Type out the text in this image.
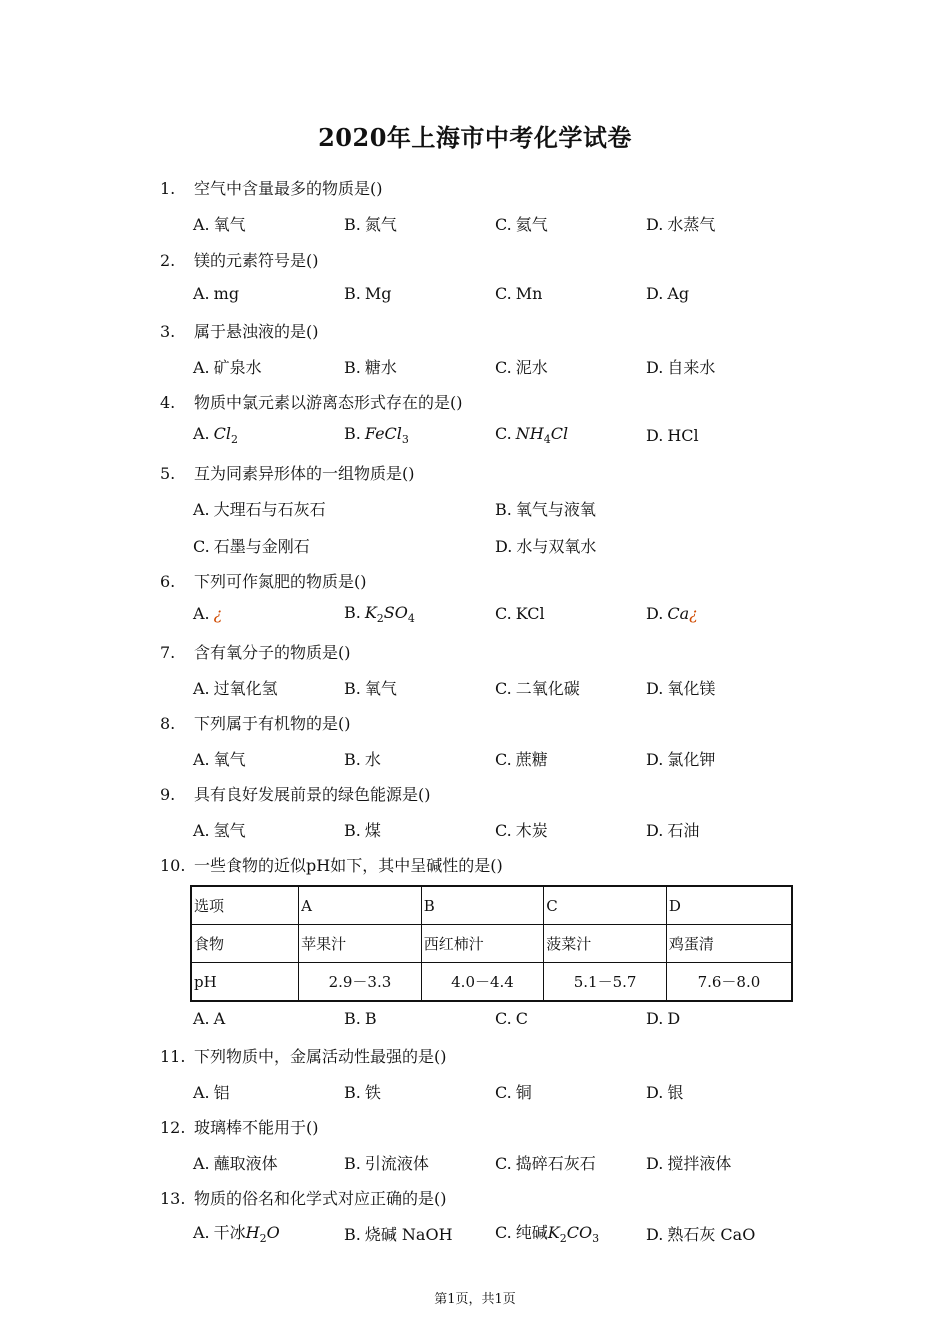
2020年上海市中考化学试卷
1. 空气中含量最多的物质是()
A. 氧气	B. 氮气	C. 氦气	D. 水蒸气
2. 镁的元素符号是()
A. mg	B. Mg	C. Mn	D. Ag
3. 属于悬浊液的是()
A. 矿泉水	B. 糖水	C. 泥水	D. 自来水
4. 物质中氯元素以游离态形式存在的是()
A. $Cl_2$	B. FeCl$_3$	C. $NH_4Cl$	D. HCl
5. 互为同素异形体的一组物质是()
A. 大理石与石灰石	B. 氧气与液氧
C. 石墨与金刚石	D. 水与双氧水
6. 下列可作氮肥的物质是()
A. ¿	B. $K_2SO_4$	C. KCl	D. Ca¿
7. 含有氧分子的物质是()
A. 过氧化氢	B. 氧气	C. 二氧化碳	D. 氧化镁
8. 下列属于有机物的是()
A. 氧气	B. 水	C. 蔗糖	D. 氯化钾
9. 具有良好发展前景的绿色能源是()
A. 氢气	B. 煤	C. 木炭	D. 石油
10. 一些食物的近似pH如下，其中呈碱性的是()
选项	A	B	C	D
食物	苹果汁	西红柿汁	菠菜汁	鸡蛋清
pH	2.9－3.3	4.0－4.4	5.1－5.7	7.6－8.0
A. A	B. B	C. C	D. D
11. 下列物质中，金属活动性最强的是()
A. 铝	B. 铁	C. 铜	D. 银
12. 玻璃棒不能用于()
A. 蘸取液体	B. 引流液体	C. 捣碎石灰石	D. 搅拌液体
13. 物质的俗名和化学式对应正确的是()
A. 干冰$H_2O$	B. 烧碱 NaOH	C. 纯碱$K_2CO_3$	D. 熟石灰 CaO
第1页，共1页
